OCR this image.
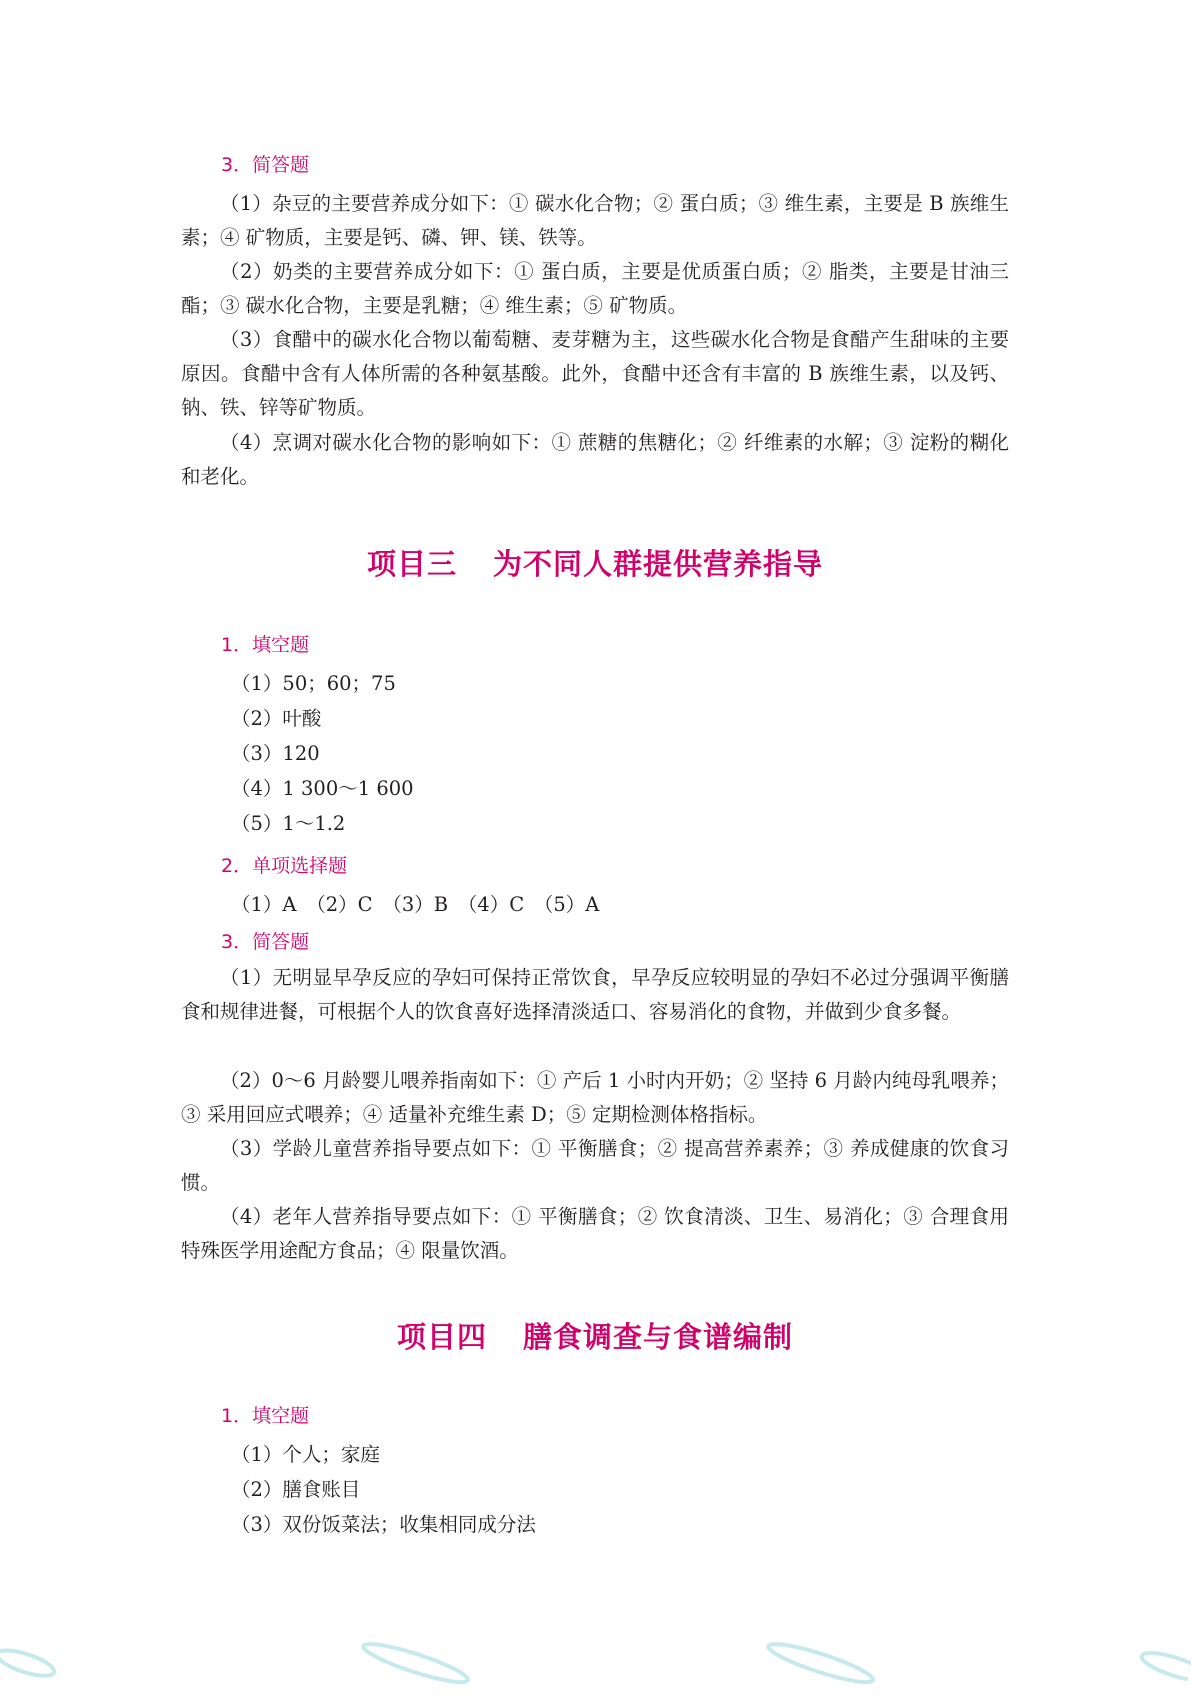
3．简答题

（1）杂豆的主要营养成分如下：① 碳水化合物；② 蛋白质；③ 维生素，主要是 B 族维生素；④ 矿物质，主要是钙、磷、钾、镁、铁等。

（2）奶类的主要营养成分如下：① 蛋白质，主要是优质蛋白质；② 脂类，主要是甘油三酯；③ 碳水化合物，主要是乳糖；④ 维生素；⑤ 矿物质。

（3）食醋中的碳水化合物以葡萄糖、麦芽糖为主，这些碳水化合物是食醋产生甜味的主要原因。食醋中含有人体所需的各种氨基酸。此外，食醋中还含有丰富的 B 族维生素，以及钙、钠、铁、锌等矿物质。

（4）烹调对碳水化合物的影响如下：① 蔗糖的焦糖化；② 纤维素的水解；③ 淀粉的糊化和老化。

项目三 为不同人群提供营养指导

1．填空题

（1）50；60；75

（2）叶酸

（3）120

（4）1 300～1 600

（5）1～1.2

2．单项选择题

（1）A　（2）C　（3）B　（4）C　（5）A

3．简答题

（1）无明显早孕反应的孕妇可保持正常饮食，早孕反应较明显的孕妇不必过分强调平衡膳食和规律进餐，可根据个人的饮食喜好选择清淡适口、容易消化的食物，并做到少食多餐。

（2）0～6 月龄婴儿喂养指南如下：① 产后 1 小时内开奶；② 坚持 6 月龄内纯母乳喂养；③ 采用回应式喂养；④ 适量补充维生素 D；⑤ 定期检测体格指标。

（3）学龄儿童营养指导要点如下：① 平衡膳食；② 提高营养素养；③ 养成健康的饮食习惯。

（4）老年人营养指导要点如下：① 平衡膳食；② 饮食清淡、卫生、易消化；③ 合理食用特殊医学用途配方食品；④ 限量饮酒。

项目四 膳食调查与食谱编制

1．填空题

（1）个人；家庭

（2）膳食账目

（3）双份饭菜法；收集相同成分法
